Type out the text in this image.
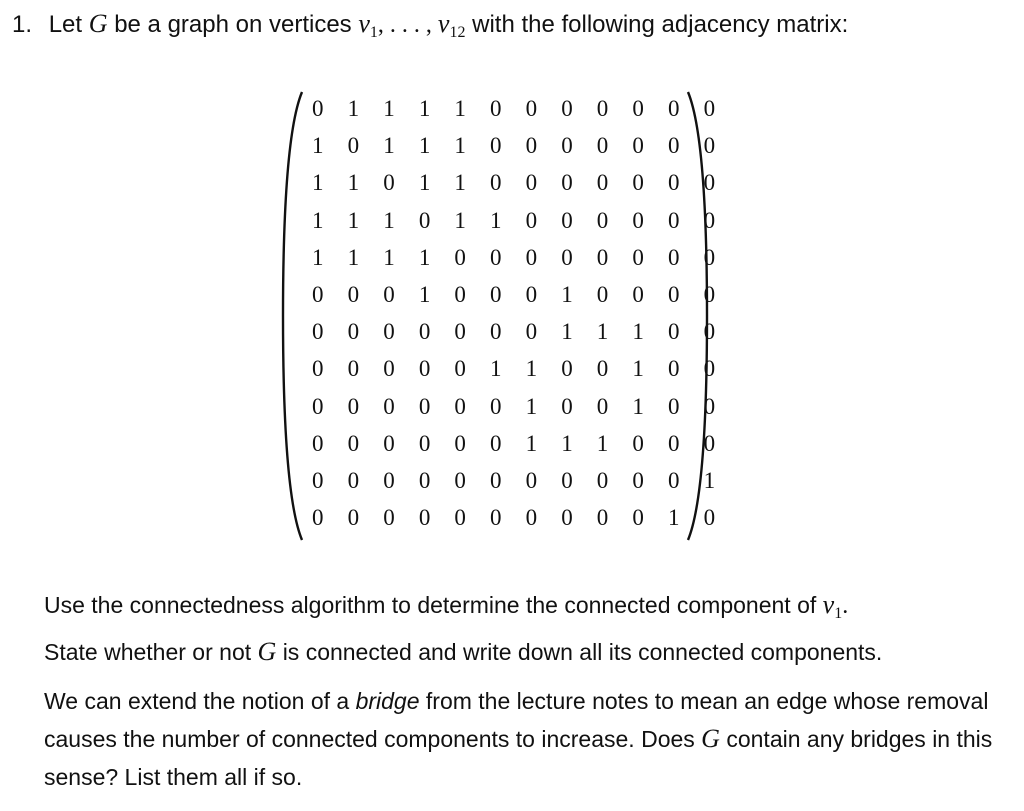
1. Let G be a graph on vertices $v_1$, . . . , $v_{12}$ with the following adjacency matrix:
0	1	1	1	1	0	0	0	0	0	0	0
1	0	1	1	1	0	0	0	0	0	0	0
1	1	0	1	1	0	0	0	0	0	0	0
1	1	1	0	1	1	0	0	0	0	0	0
1	1	1	1	0	0	0	0	0	0	0	0
0	0	0	1	0	0	0	1	0	0	0	0
0	0	0	0	0	0	0	1	1	1	0	0
0	0	0	0	0	1	1	0	0	1	0	0
0	0	0	0	0	0	1	0	0	1	0	0
0	0	0	0	0	0	1	1	1	0	0	0
0	0	0	0	0	0	0	0	0	0	0	1
0	0	0	0	0	0	0	0	0	0	1	0
Use the connectedness algorithm to determine the connected component of $v_1$.
State whether or not G is connected and write down all its connected components.
We can extend the notion of a bridge from the lecture notes to mean an edge whose removal causes the number of connected components to increase. Does G contain any bridges in this sense? List them all if so.
